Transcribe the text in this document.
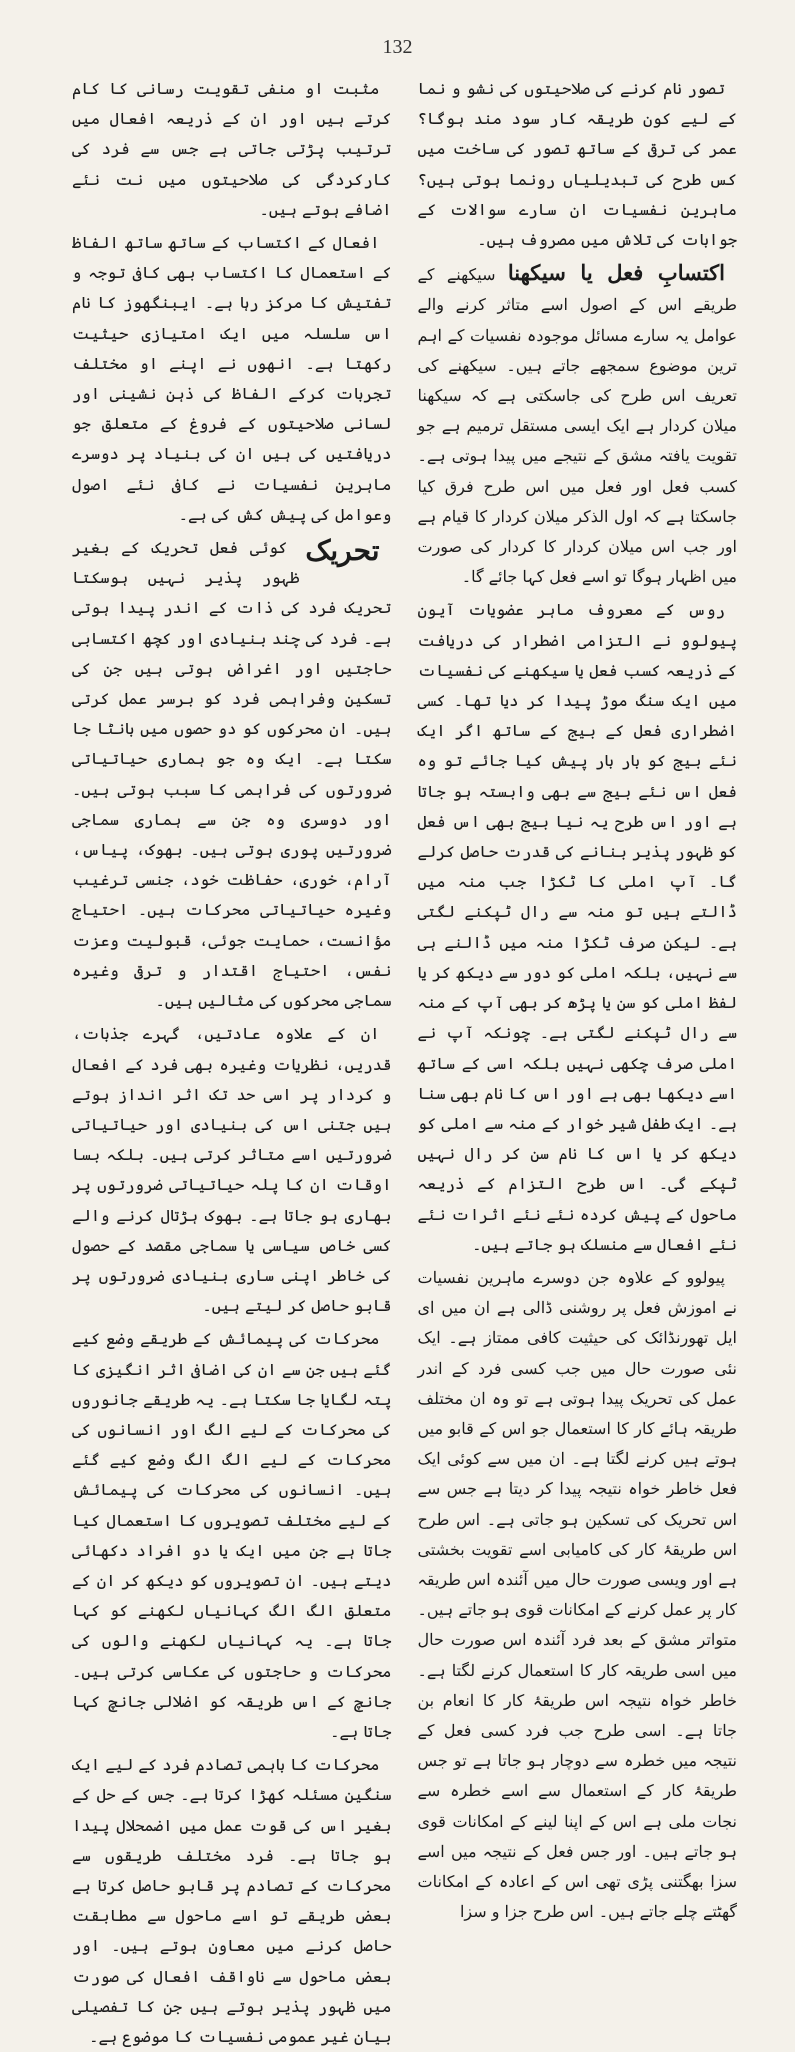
132

تصور نام کرنے کی صلاحیتوں کی نشو و نما کے لیے کون طریقہ کار سود مند ہوگا؟ عمر کی ترقی کے ساتھ تصور کی ساخت میں کس طرح کی تبدیلیاں رونما ہوتی ہیں؟ ماہرین نفسیات ان سارے سوالات کے جوابات کی تلاش میں مصروف ہیں۔

اکتسابِ فعل یا سیکھنا سیکھنے کے طریقے اس کے اصول اسے متاثر کرنے والے عوامل یہ سارے مسائل موجودہ نفسیات کے اہم ترین موضوع سمجھے جاتے ہیں۔ سیکھنے کی تعریف اس طرح کی جاسکتی ہے کہ سیکھنا میلان کردار ہے ایک ایسی مستقل ترمیم ہے جو تقویت یافتہ مشق کے نتیجے میں پیدا ہوتی ہے۔ کسب فعل اور فعل میں اس طرح فرق کیا جاسکتا ہے کہ اول الذکر میلان کردار کا قیام ہے اور جب اس میلان کردار کا کردار کی صورت میں اظہار ہوگا تو اسے فعل کہا جائے گا۔

روس کے معروف ماہر عضویات آیون پیولوو نے التزامی اضطرار کی دریافت کے ذریعہ کسب فعل یا سیکھنے کی نفسیات میں ایک سنگ موڑ پیدا کر دیا تھا۔ کسی اضطراری فعل کے بیج کے ساتھ اگر ایک نئے بیج کو بار بار پیش کیا جائے تو وہ فعل اس نئے بیج سے بھی وابستہ ہو جاتا ہے اور اس طرح یہ نیا بیج بھی اس فعل کو ظہور پذیر بنانے کی قدرت حاصل کرلے گا۔ آپ املی کا ٹکڑا جب منہ میں ڈالتے ہیں تو منہ سے رال ٹپکنے لگتی ہے۔ لیکن صرف ٹکڑا منہ میں ڈالنے ہی سے نہیں، بلکہ املی کو دور سے دیکھ کر یا لفظ املی کو سن یا پڑھ کر بھی آپ کے منہ سے رال ٹپکنے لگتی ہے۔ چونکہ آپ نے املی صرف چکھی نہیں بلکہ اسی کے ساتھ اسے دیکھا بھی ہے اور اس کا نام بھی سنا ہے۔ ایک طفل شیر خوار کے منہ سے املی کو دیکھ کر یا اس کا نام سن کر رال نہیں ٹپکے گی۔ اس طرح التزام کے ذریعہ ماحول کے پیش کردہ نئے نئے اثرات نئے نئے افعال سے منسلک ہو جاتے ہیں۔

پیولوو کے علاوہ جن دوسرے ماہرین نفسیات نے اموزش فعل پر روشنی ڈالی ہے ان میں ای ایل تھورنڈائک کی حیثیت کافی ممتاز ہے۔ ایک نئی صورت حال میں جب کسی فرد کے اندر عمل کی تحریک پیدا ہوتی ہے تو وہ ان مختلف طریقہ ہائے کار کا استعمال جو اس کے قابو میں ہوتے ہیں کرنے لگتا ہے۔ ان میں سے کوئی ایک فعل خاطر خواہ نتیجہ پیدا کر دیتا ہے جس سے اس تحریک کی تسکین ہو جاتی ہے۔ اس طرح اس طریقۂ کار کی کامیابی اسے تقویت بخشتی ہے اور ویسی صورت حال میں آئندہ اس طریقہ کار پر عمل کرنے کے امکانات قوی ہو جاتے ہیں۔ متواتر مشق کے بعد فرد آئندہ اس صورت حال میں اسی طریقہ کار کا استعمال کرنے لگتا ہے۔ خاطر خواہ نتیجہ اس طریقۂ کار کا انعام بن جاتا ہے۔ اسی طرح جب فرد کسی فعل کے نتیجہ میں خطرہ سے دوچار ہو جاتا ہے تو جس طریقۂ کار کے استعمال سے اسے خطرہ سے نجات ملی ہے اس کے اپنا لینے کے امکانات قوی ہو جاتے ہیں۔ اور جس فعل کے نتیجہ میں اسے سزا بھگتنی پڑی تھی اس کے اعادہ کے امکانات گھٹتے چلے جاتے ہیں۔ اس طرح جزا و سزا

مثبت او منفی تقویت رسانی کا کام کرتے ہیں اور ان کے ذریعہ افعال میں ترتیب پڑتی جاتی ہے جس سے فرد کی کارکردگی کی صلاحیتوں میں نت نئے اضافے ہوتے ہیں۔

افعال کے اکتساب کے ساتھ ساتھ الفاظ کے استعمال کا اکتساب بھی کافی توجہ و تفتیش کا مرکز رہا ہے۔ ایبنگھوز کا نام اس سلسلہ میں ایک امتیازی حیثیت رکھتا ہے۔ انھوں نے اپنے او مختلف تجربات کرکے الفاظ کی ذہن نشینی اور لسانی صلاحیتوں کے فروغ کے متعلق جو دریافتیں کی ہیں ان کی بنیاد پر دوسرے ماہرین نفسیات نے کافی نئے اصول وعوامل کی پیش کش کی ہے۔

تحریک
کوئی فعل تحریک کے بغیر ظہور پذیر نہیں ہوسکتا تحریک فرد کی ذات کے اندر پیدا ہوتی ہے۔ فرد کی چند بنیادی اور کچھ اکتسابی حاجتیں اور اغراض ہوتی ہیں جن کی تسکین وفراہمی فرد کو برسر عمل کرتی ہیں۔ ان محرکوں کو دو حصوں میں بانٹا جا سکتا ہے۔ ایک وہ جو ہماری حیاتیاتی ضرورتوں کی فراہمی کا سبب ہوتی ہیں۔ اور دوسری وہ جن سے ہماری سماجی ضرورتیں پوری ہوتی ہیں۔ بھوک، پیاس، آرام، خوری، حفاظت خود، جنسی ترغیب وغیرہ حیاتیاتی محرکات ہیں۔ احتیاج مؤانست، حمایت جوئی، قبولیت وعزت نفس، احتیاج اقتدار و ترقی وغیرہ سماجی محرکوں کی مثالیں ہیں۔

ان کے علاوہ عادتیں، گہرے جذبات، قدریں، نظریات وغیرہ بھی فرد کے افعال و کردار پر اسی حد تک اثر انداز ہوتے ہیں جتنی اس کی بنیادی اور حیاتیاتی ضرورتیں اسے متاثر کرتی ہیں۔ بلکہ بسا اوقات ان کا پلہ حیاتیاتی ضرورتوں پر بھاری ہو جاتا ہے۔ بھوک ہڑتال کرنے والے کسی خاص سیاسی یا سماجی مقصد کے حصول کی خاطر اپنی ساری بنیادی ضرورتوں پر قابو حاصل کر لیتے ہیں۔

محرکات کی پیمائش کے طریقے وضع کیے گئے ہیں جن سے ان کی اضافی اثر انگیزی کا پتہ لگایا جا سکتا ہے۔ یہ طریقے جانوروں کی محرکات کے لیے الگ اور انسانوں کی محرکات کے لیے الگ الگ وضع کیے گئے ہیں۔ انسانوں کی محرکات کی پیمائش کے لیے مختلف تصویروں کا استعمال کیا جاتا ہے جن میں ایک یا دو افراد دکھائی دیتے ہیں۔ ان تصویروں کو دیکھ کر ان کے متعلق الگ الگ کہانیاں لکھنے کو کہا جاتا ہے۔ یہ کہانیاں لکھنے والوں کی محرکات و حاجتوں کی عکاسی کرتی ہیں۔ جانچ کے اس طریقہ کو اضلالی جانچ کہا جاتا ہے۔

محرکات کا باہمی تصادم فرد کے لیے ایک سنگین مسئلہ کھڑا کرتا ہے۔ جس کے حل کے بغیر اس کی قوت عمل میں اضمحلال پیدا ہو جاتا ہے۔ فرد مختلف طریقوں سے محرکات کے تصادم پر قابو حاصل کرتا ہے بعض طریقے تو اسے ماحول سے مطابقت حاصل کرنے میں معاون ہوتے ہیں۔ اور بعض ماحول سے ناواقف افعال کی صورت میں ظہور پذیر ہوتے ہیں جن کا تفصیلی بیان غیر عمومی نفسیات کا موضوع ہے۔
